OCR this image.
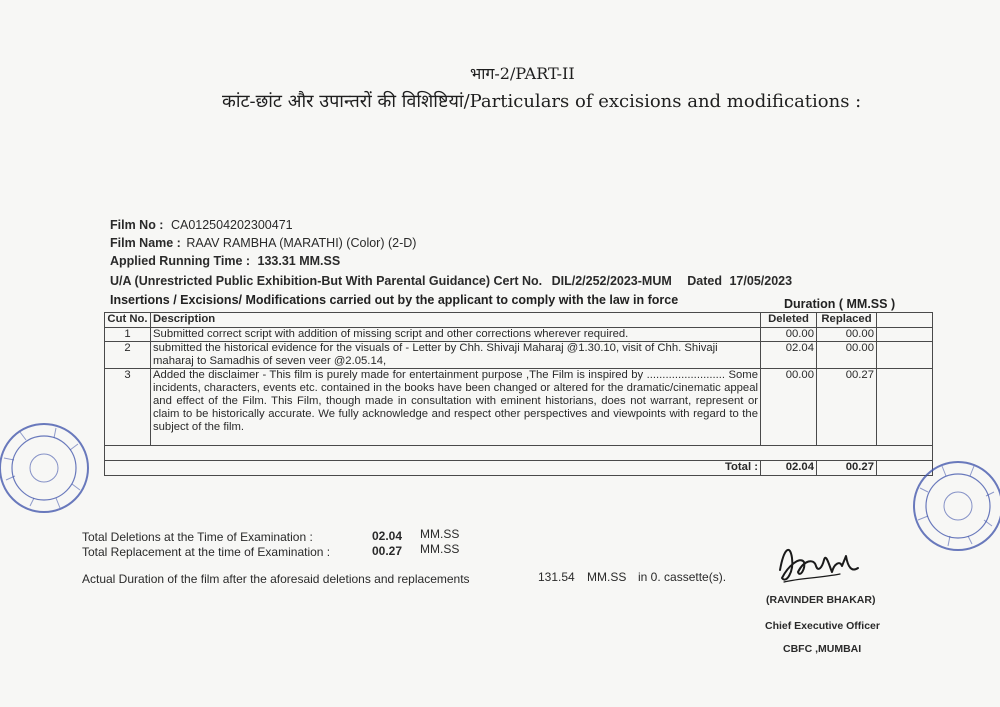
भाग-2/PART-II
कांट-छांट और उपान्तरों की विशिष्टियां/Particulars of excisions and modifications :
Film No : CA012504202300471
Film Name : RAAV RAMBHA (MARATHI) (Color) (2-D)
Applied Running Time : 133.31 MM.SS
U/A (Unrestricted Public Exhibition-But With Parental Guidance) Cert No. DIL/2/252/2023-MUM Dated 17/05/2023
Insertions / Excisions/ Modifications carried out by the applicant to comply with the law in force	Duration ( MM.SS )
Cut No.	Description	Deleted	Replaced	
1	Submitted correct script with addition of missing script and other corrections wherever required.	00.00	00.00	
2	submitted the historical evidence for the visuals of - Letter by Chh. Shivaji Maharaj @1.30.10, visit of Chh. Shivaji maharaj to Samadhis of seven veer @2.05.14,	02.04	00.00	
3	Added the disclaimer - This film is purely made for entertainment purpose ,The Film is inspired by ......................... Some incidents, characters, events etc. contained in the books have been changed or altered for the dramatic/cinematic appeal and effect of the Film. This Film, though made in consultation with eminent historians, does not warrant, represent or claim to be historically accurate. We fully acknowledge and respect other perspectives and viewpoints with regard to the subject of the film.	00.00	00.27	

Total :		02.04	00.27	
Total Deletions at the Time of Examination :	02.04 MM.SS
Total Replacement at the time of Examination :	00.27 MM.SS
Actual Duration of the film after the aforesaid deletions and replacements	131.54 MM.SS in 0. cassette(s).
(RAVINDER BHAKAR)
Chief Executive Officer
CBFC ,MUMBAI
